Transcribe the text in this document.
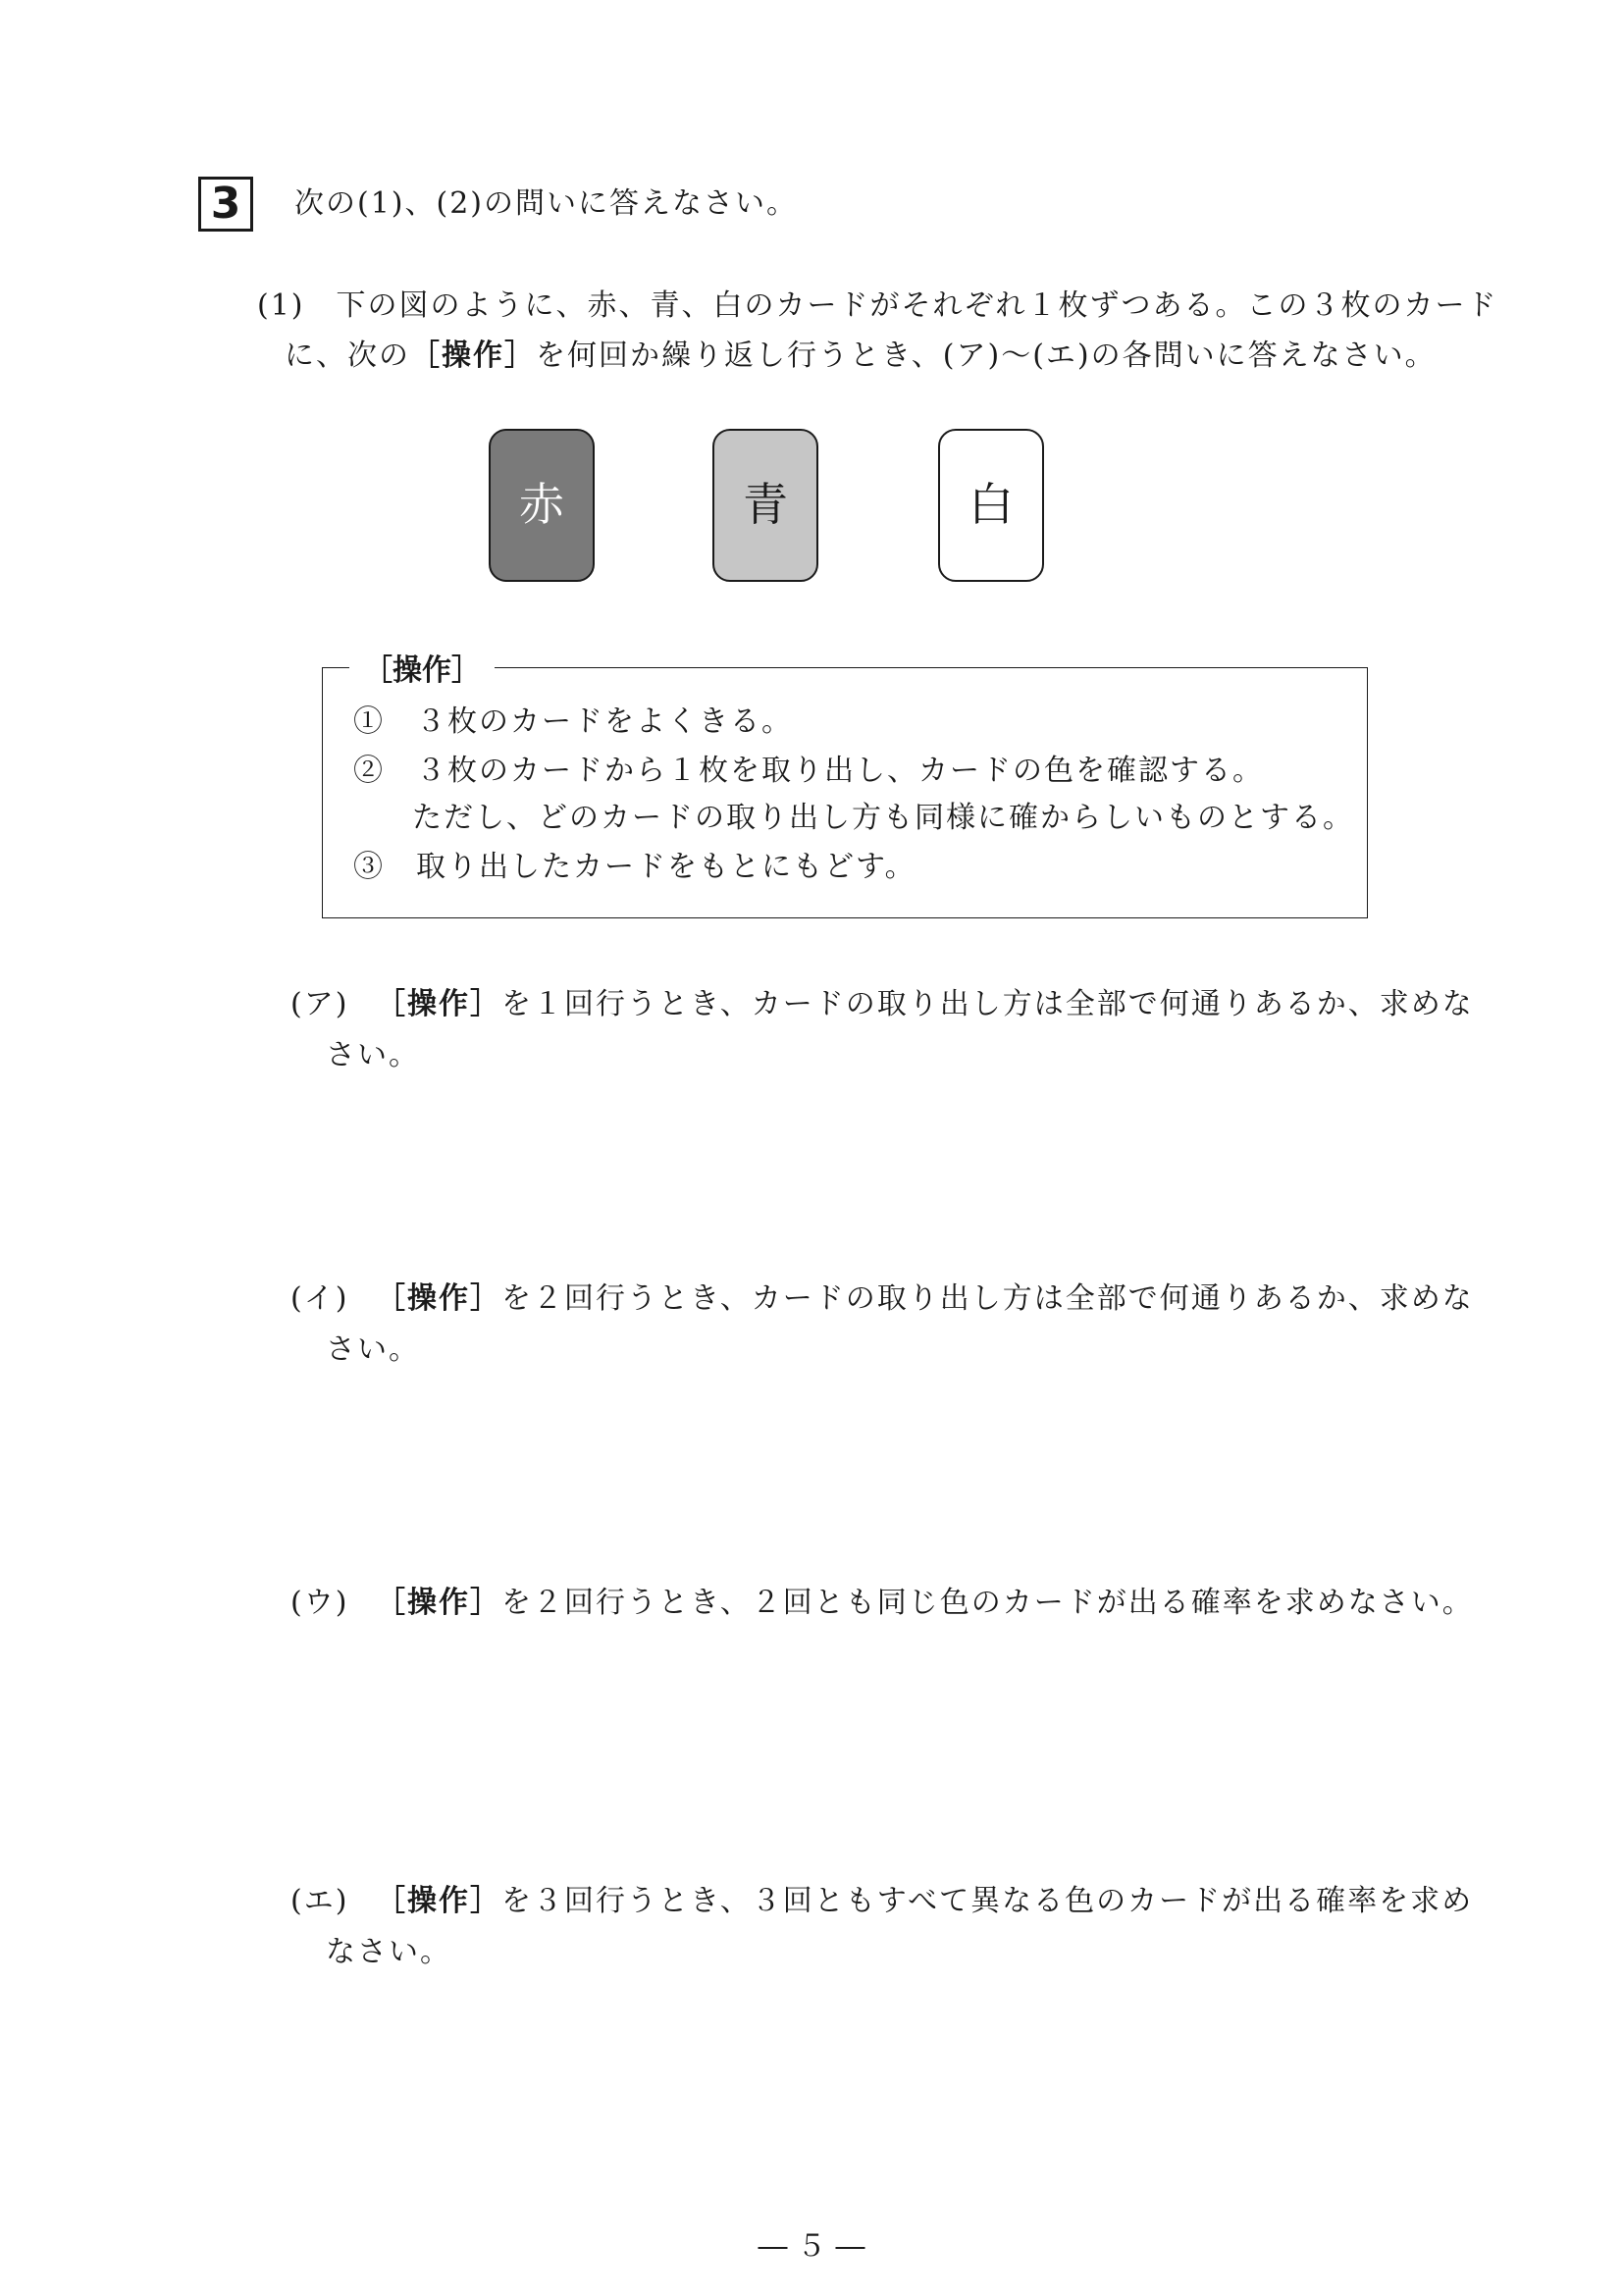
3	次の(1)、(2)の問いに答えなさい。
(1)　下の図のように、赤、青、白のカードがそれぞれ１枚ずつある。この３枚のカード
に、次の［操作］を何回か繰り返し行うとき、(ア)～(エ)の各問いに答えなさい。
赤	青	白
［操作］
①　３枚のカードをよくきる。
②　３枚のカードから１枚を取り出し、カードの色を確認する。
ただし、どのカードの取り出し方も同様に確からしいものとする。
③　取り出したカードをもとにもどす。
(ア) ［操作］を１回行うとき、カードの取り出し方は全部で何通りあるか、求めな
さい。
(イ) ［操作］を２回行うとき、カードの取り出し方は全部で何通りあるか、求めな
さい。
(ウ) ［操作］を２回行うとき、２回とも同じ色のカードが出る確率を求めなさい。
(エ) ［操作］を３回行うとき、３回ともすべて異なる色のカードが出る確率を求め
なさい。
― ５ ―
